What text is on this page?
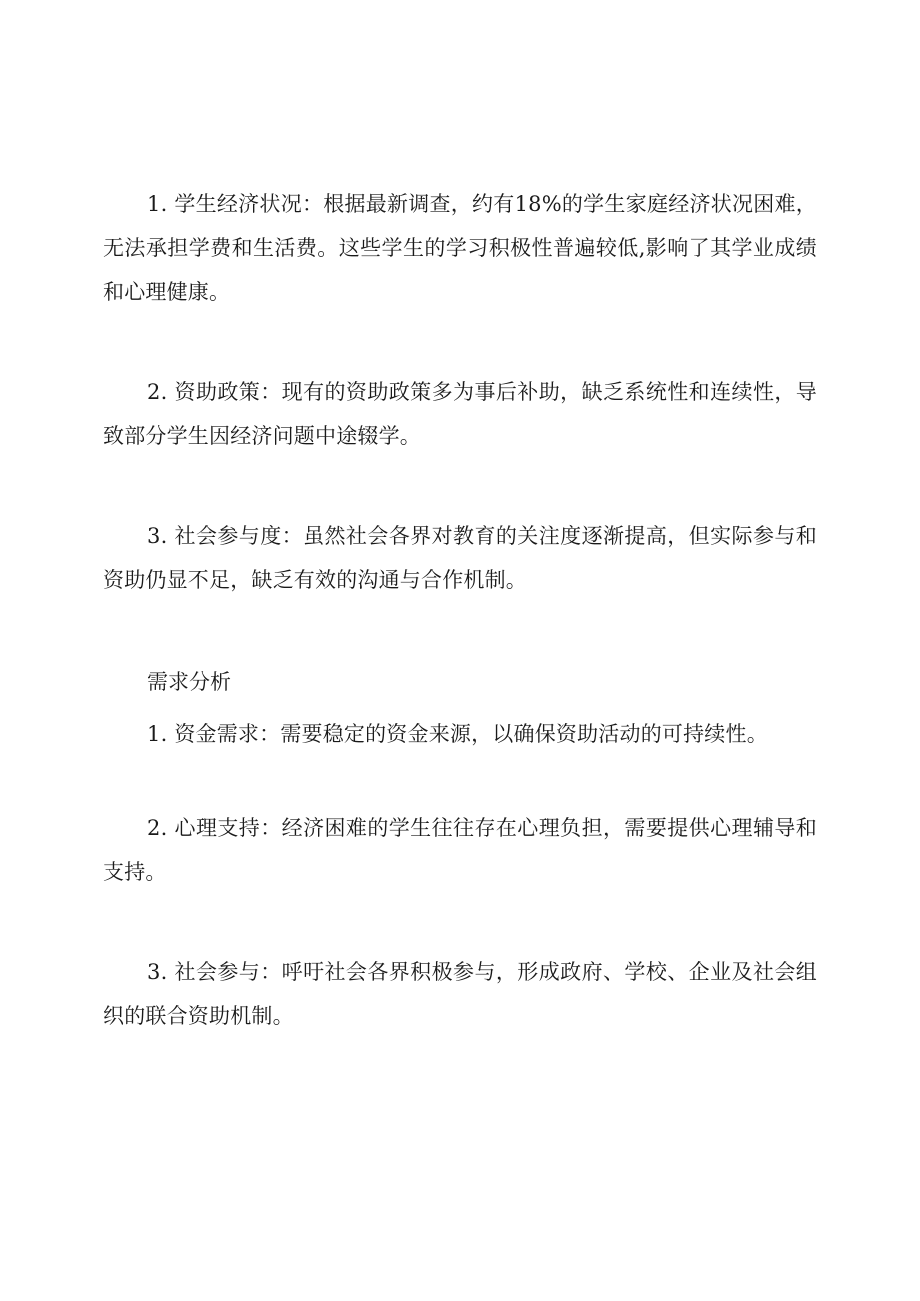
1. 学生经济状况：根据最新调查，约有18%的学生家庭经济状况困难，无法承担学费和生活费。这些学生的学习积极性普遍较低,影响了其学业成绩和心理健康。

2. 资助政策：现有的资助政策多为事后补助，缺乏系统性和连续性，导致部分学生因经济问题中途辍学。

3. 社会参与度：虽然社会各界对教育的关注度逐渐提高，但实际参与和资助仍显不足，缺乏有效的沟通与合作机制。

需求分析

1. 资金需求：需要稳定的资金来源，以确保资助活动的可持续性。

2. 心理支持：经济困难的学生往往存在心理负担，需要提供心理辅导和支持。

3. 社会参与：呼吁社会各界积极参与，形成政府、学校、企业及社会组织的联合资助机制。
